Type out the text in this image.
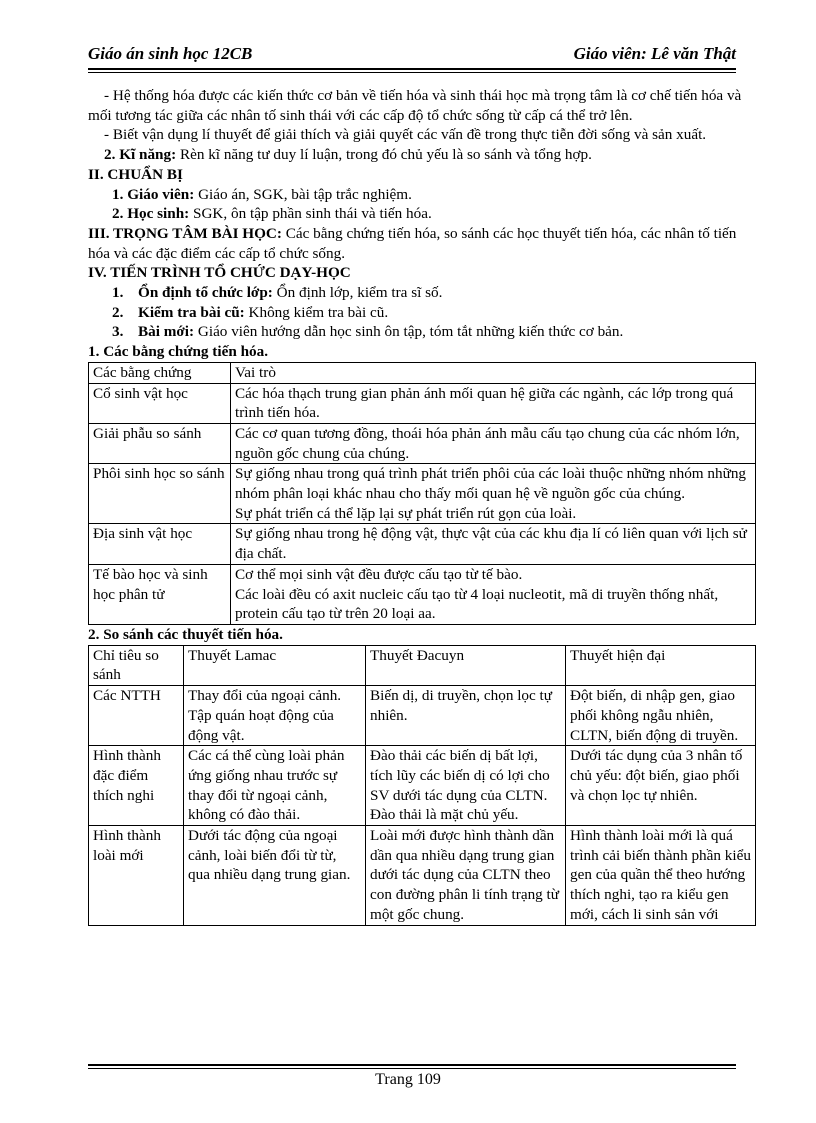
Giáo án sinh học 12CB	Giáo viên: Lê văn Thật

- Hệ thống hóa được các kiến thức cơ bản về tiến hóa và sinh thái học mà trọng tâm là cơ chế tiến hóa và mối tương tác giữa các nhân tố sinh thái với các cấp độ tổ chức sống từ cấp cá thể trở lên.

- Biết vận dụng lí thuyết để giải thích và giải quyết các vấn đề trong thực tiễn đời sống và sản xuất.

2. Kĩ năng: Rèn kĩ năng tư duy lí luận, trong đó chủ yếu là so sánh và tổng hợp.

II. CHUẨN BỊ

1. Giáo viên: Giáo án, SGK, bài tập trắc nghiệm.

2. Học sinh: SGK, ôn tập phần sinh thái và tiến hóa.

III. TRỌNG TÂM BÀI HỌC: Các bằng chứng tiến hóa, so sánh các học thuyết tiến hóa, các nhân tố tiến hóa và các đặc điểm các cấp tổ chức sống.

IV. TIẾN TRÌNH TỔ CHỨC DẠY-HỌC

1. Ổn định tổ chức lớp: Ổn định lớp, kiểm tra sĩ số.

2. Kiểm tra bài cũ: Không kiểm tra bài cũ.

3. Bài mới: Giáo viên hướng dẫn học sinh ôn tập, tóm tắt những kiến thức cơ bản.

1. Các bằng chứng tiến hóa.

Các bằng chứng	Vai trò
Cổ sinh vật học	Các hóa thạch trung gian phản ánh mối quan hệ giữa các ngành, các lớp trong quá trình tiến hóa.
Giải phẫu so sánh	Các cơ quan tương đồng, thoái hóa phản ánh mẫu cấu tạo chung của các nhóm lớn, nguồn gốc chung của chúng.
Phôi sinh học so sánh	Sự giống nhau trong quá trình phát triển phôi của các loài thuộc những nhóm những nhóm phân loại khác nhau cho thấy mối quan hệ về nguồn gốc của chúng.
Sự phát triển cá thể lặp lại sự phát triển rút gọn của loài.
Địa sinh vật học	Sự giống nhau trong hệ động vật, thực vật của các khu địa lí có liên quan với lịch sử địa chất.
Tế bào học và sinh học phân tử	Cơ thể mọi sinh vật đều được cấu tạo từ tế bào.
Các loài đều có axit nucleic cấu tạo từ 4 loại nucleotit, mã di truyền thống nhất, protein cấu tạo từ trên 20 loại aa.

2. So sánh các thuyết tiến hóa.

Chỉ tiêu so sánh	Thuyết Lamac	Thuyết Đacuyn	Thuyết hiện đại
Các NTTH	Thay đổi của ngoại cảnh. Tập quán hoạt động của động vật.	Biến dị, di truyền, chọn lọc tự nhiên.	Đột biến, di nhập gen, giao phối không ngẫu nhiên, CLTN, biến động di truyền.
Hình thành đặc điểm thích nghi	Các cá thể cùng loài phản ứng giống nhau trước sự thay đổi từ ngoại cảnh, không có đào thải.	Đào thải các biến dị bất lợi, tích lũy các biến dị có lợi cho SV dưới tác dụng của CLTN. Đào thải là mặt chủ yếu.	Dưới tác dụng của 3 nhân tố chủ yếu: đột biến, giao phối và chọn lọc tự nhiên.
Hình thành loài mới	Dưới tác động của ngoại cảnh, loài biến đổi từ từ, qua nhiều dạng trung gian.	Loài mới được hình thành dần dần qua nhiều dạng trung gian dưới tác dụng của CLTN theo con đường phân li tính trạng từ một gốc chung.	Hình thành loài mới là quá trình cải biến thành phần kiểu gen của quần thể theo hướng thích nghi, tạo ra kiểu gen mới, cách li sinh sản với
Trang 109
